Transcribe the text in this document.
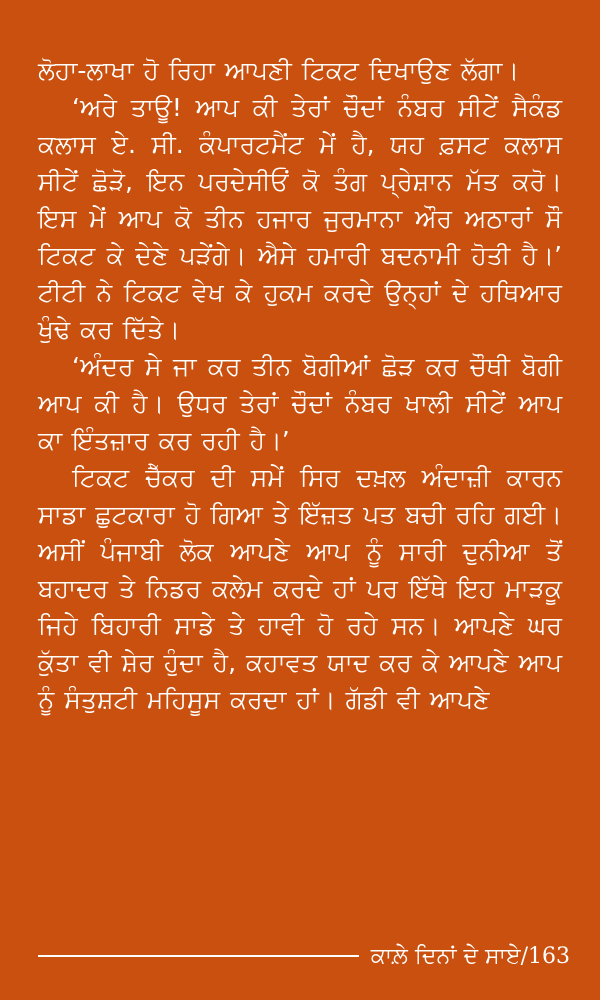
ਲੋਹਾ-ਲਾਖਾ ਹੋ ਰਿਹਾ ਆਪਣੀ ਟਿਕਟ ਦਿਖਾਉਣ ਲੱਗਾ।

‘ਅਰੇ ਤਾਊ! ਆਪ ਕੀ ਤੇਰਾਂ ਚੌਦਾਂ ਨੰਬਰ ਸੀਟੇਂ ਸੈਕੰਡ ਕਲਾਸ ਏ. ਸੀ. ਕੰਪਾਰਟਮੈਂਟ ਮੇਂ ਹੈ, ਯਹ ਫ਼ਸਟ ਕਲਾਸ ਸੀਟੇਂ ਛੋੜੋ, ਇਨ ਪਰਦੇਸੀਓਂ ਕੋ ਤੰਗ ਪ੍ਰੇਸ਼ਾਨ ਮੱਤ ਕਰੋ। ਇਸ ਮੇਂ ਆਪ ਕੋ ਤੀਨ ਹਜਾਰ ਜੁਰਮਾਨਾ ਔਰ ਅਠਾਰਾਂ ਸੌ ਟਿਕਟ ਕੇ ਦੇਣੇ ਪੜੇਂਗੇ। ਐਸੇ ਹਮਾਰੀ ਬਦਨਾਮੀ ਹੋਤੀ ਹੈ।’ ਟੀਟੀ ਨੇ ਟਿਕਟ ਵੇਖ ਕੇ ਹੁਕਮ ਕਰਦੇ ਉਨ੍ਹਾਂ ਦੇ ਹਥਿਆਰ ਖੁੰਢੇ ਕਰ ਦਿੱਤੇ।

‘ਅੰਦਰ ਸੇ ਜਾ ਕਰ ਤੀਨ ਬੋਗੀਆਂ ਛੋੜ ਕਰ ਚੌਥੀ ਬੋਗੀ ਆਪ ਕੀ ਹੈ। ਉਧਰ ਤੇਰਾਂ ਚੌਦਾਂ ਨੰਬਰ ਖਾਲੀ ਸੀਟੇਂ ਆਪ ਕਾ ਇੰਤਜ਼ਾਰ ਕਰ ਰਹੀ ਹੈ।’

ਟਿਕਟ ਚੈੱਕਰ ਦੀ ਸਮੇਂ ਸਿਰ ਦਖ਼ਲ ਅੰਦਾਜ਼ੀ ਕਾਰਨ ਸਾਡਾ ਛੁਟਕਾਰਾ ਹੋ ਗਿਆ ਤੇ ਇੱਜ਼ਤ ਪਤ ਬਚੀ ਰਹਿ ਗਈ। ਅਸੀਂ ਪੰਜਾਬੀ ਲੋਕ ਆਪਣੇ ਆਪ ਨੂੰ ਸਾਰੀ ਦੁਨੀਆ ਤੋਂ ਬਹਾਦਰ ਤੇ ਨਿਡਰ ਕਲੇਮ ਕਰਦੇ ਹਾਂ ਪਰ ਇੱਥੇ ਇਹ ਮਾੜਕੂ ਜਿਹੇ ਬਿਹਾਰੀ ਸਾਡੇ ਤੇ ਹਾਵੀ ਹੋ ਰਹੇ ਸਨ। ਆਪਣੇ ਘਰ ਕੁੱਤਾ ਵੀ ਸ਼ੇਰ ਹੁੰਦਾ ਹੈ, ਕਹਾਵਤ ਯਾਦ ਕਰ ਕੇ ਆਪਣੇ ਆਪ ਨੂੰ ਸੰਤੁਸ਼ਟੀ ਮਹਿਸੂਸ ਕਰਦਾ ਹਾਂ। ਗੱਡੀ ਵੀ ਆਪਣੇ

ਕਾਲ਼ੇ ਦਿਨਾਂ ਦੇ ਸਾਏ / 163
